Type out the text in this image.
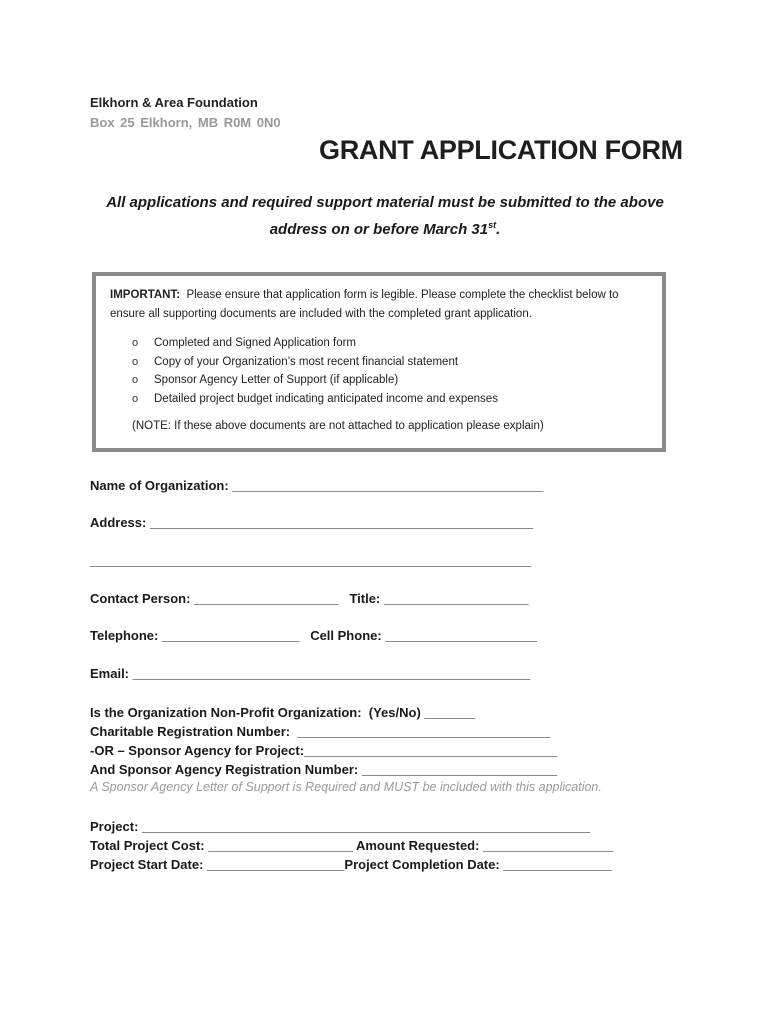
Elkhorn & Area Foundation
Box 25 Elkhorn, MB R0M 0N0
GRANT APPLICATION FORM
All applications and required support material must be submitted to the above address on or before March 31st.
IMPORTANT: Please ensure that application form is legible. Please complete the checklist below to ensure all supporting documents are included with the completed grant application.
o Completed and Signed Application form
o Copy of your Organization’s most recent financial statement
o Sponsor Agency Letter of Support (if applicable)
o Detailed project budget indicating anticipated income and expenses
(NOTE: If these above documents are not attached to application please explain)
Name of Organization: ___________________________________________
Address: _____________________________________________________
_____________________________________________________________
Contact Person: ____________________   Title: ____________________
Telephone: ___________________   Cell Phone: _____________________
Email: _______________________________________________________
Is the Organization Non-Profit Organization:  (Yes/No) _______
Charitable Registration Number:  ___________________________________
-OR – Sponsor Agency for Project:___________________________________
And Sponsor Agency Registration Number: ___________________________
A Sponsor Agency Letter of Support is Required and MUST be included with this application.
Project: ______________________________________________________________
Total Project Cost: ____________________ Amount Requested: __________________
Project Start Date: ___________________Project Completion Date: _______________
